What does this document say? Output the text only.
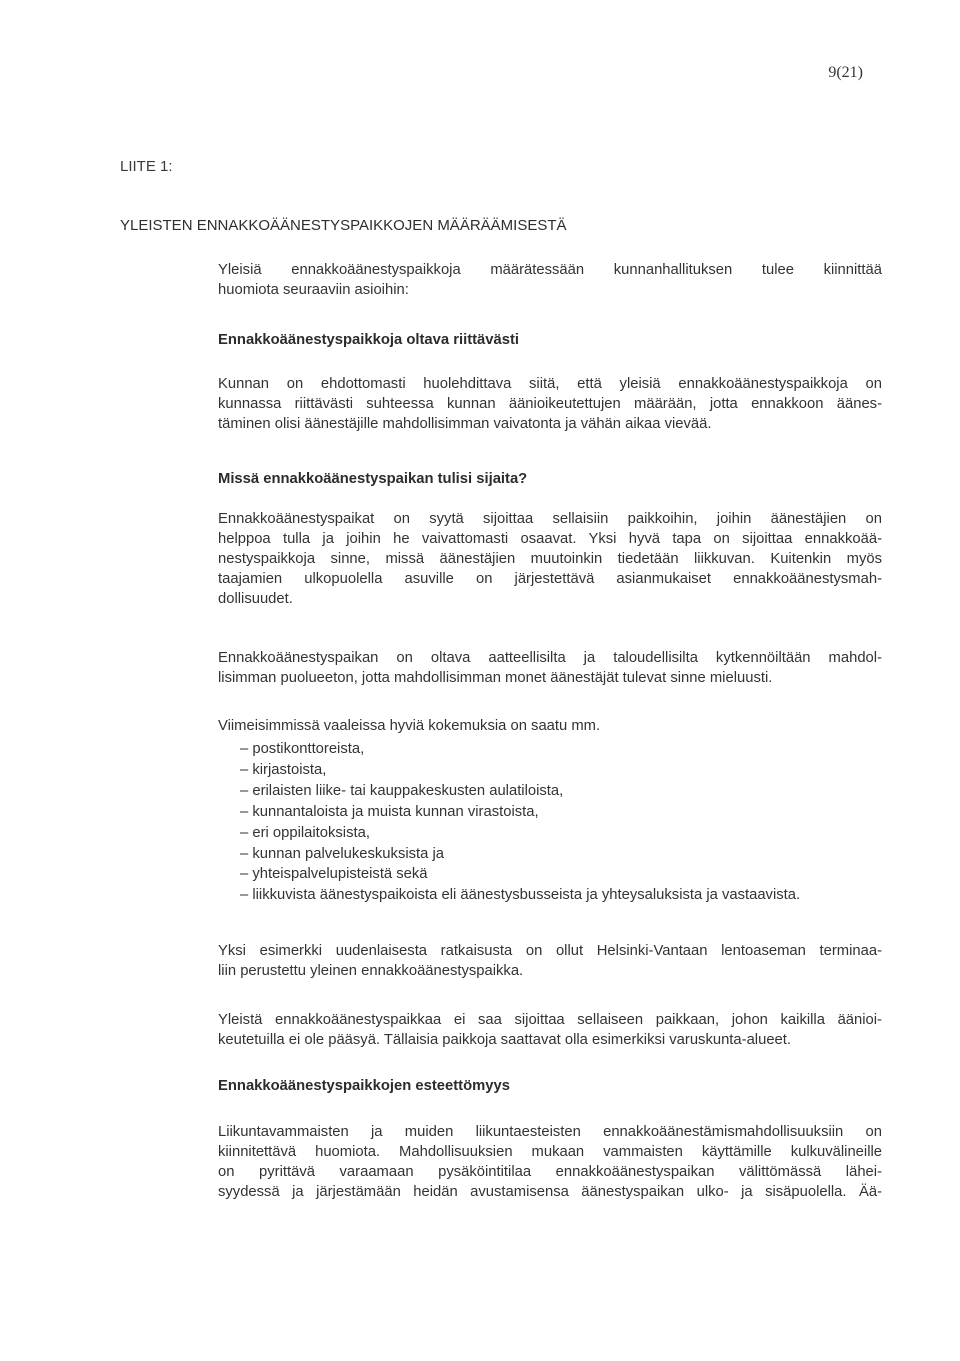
9(21)
LIITE 1:
YLEISTEN ENNAKKOÄÄNESTYSPAIKKOJEN MÄÄRÄÄMISESTÄ
Yleisiä ennakkoäänestyspaikkoja määrätessään kunnanhallituksen tulee kiinnittää
huomiota seuraaviin asioihin:
Ennakkoäänestyspaikkoja oltava riittävästi
Kunnan on ehdottomasti huolehdittava siitä, että yleisiä ennakkoäänestyspaikkoja on
kunnassa riittävästi suhteessa kunnan äänioikeutettujen määrään, jotta ennakkoon äänes-
täminen olisi äänestäjille mahdollisimman vaivatonta ja vähän aikaa vievää.
Missä ennakkoäänestyspaikan tulisi sijaita?
Ennakkoäänestyspaikat on syytä sijoittaa sellaisiin paikkoihin, joihin äänestäjien on
helppoa tulla ja joihin he vaivattomasti osaavat. Yksi hyvä tapa on sijoittaa ennakkoää-
nestyspaikkoja sinne, missä äänestäjien muutoinkin tiedetään liikkuvan. Kuitenkin myös
taajamien ulkopuolella asuville on järjestettävä asianmukaiset ennakkoäänestysmah-
dollisuudet.
Ennakkoäänestyspaikan on oltava aatteellisilta ja taloudellisilta kytkennöiltään mahdol-
lisimman puolueeton, jotta mahdollisimman monet äänestäjät tulevat sinne mieluusti.
Viimeisimmissä vaaleissa hyviä kokemuksia on saatu mm.
– postikonttoreista,
– kirjastoista,
– erilaisten liike- tai kauppakeskusten aulatiloista,
– kunnantaloista ja muista kunnan virastoista,
– eri oppilaitoksista,
– kunnan palvelukeskuksista ja
– yhteispalvelupisteistä sekä
– liikkuvista äänestyspaikoista eli äänestysbusseista ja yhteysaluksista ja vastaavista.
Yksi esimerkki uudenlaisesta ratkaisusta on ollut Helsinki-Vantaan lentoaseman terminaa-
liin perustettu yleinen ennakkoäänestyspaikka.
Yleistä ennakkoäänestyspaikkaa ei saa sijoittaa sellaiseen paikkaan, johon kaikilla äänioi-
keutetuilla ei ole pääsyä. Tällaisia paikkoja saattavat olla esimerkiksi varuskunta-alueet.
Ennakkoäänestyspaikkojen esteettömyys
Liikuntavammaisten ja muiden liikuntaesteisten ennakkoäänestämismahdollisuuksiin on
kiinnitettävä huomiota. Mahdollisuuksien mukaan vammaisten käyttämille kulkuvälineille
on pyrittävä varaamaan pysäköintitilaa ennakkoäänestyspaikan välittömässä lähei-
syydessä ja järjestämään heidän avustamisensa äänestyspaikan ulko- ja sisäpuolella. Ää-
